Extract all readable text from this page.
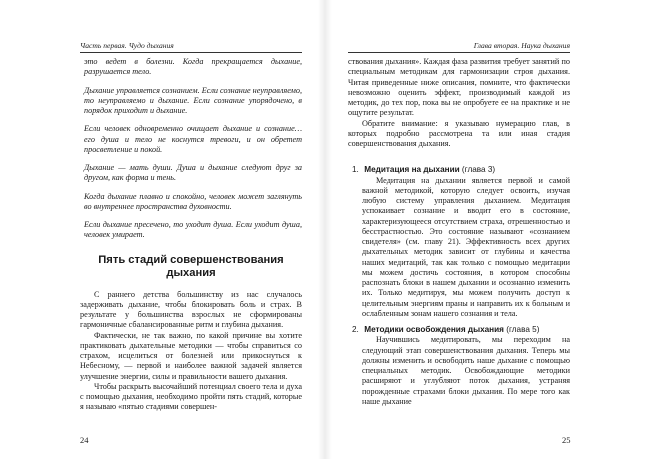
Часть первая. Чудо дыхания

это ведет в болезни. Когда прекращается дыхание, разрушается тело.

Дыхание управляется сознанием. Если сознание неуправляемо, то неуправляемо и дыхание. Если сознание упорядочено, в порядок приходит и дыхание.

Если человек одновременно очищает дыхание и сознание… его душа и тело не коснутся тревоги, и он обретет просветление и покой.

Дыхание — мать души. Душа и дыхание следуют друг за другом, как форма и тень.

Когда дыхание плавно и спокойно, человек может заглянуть во внутреннее пространства духовности.

Если дыхание пресечено, то уходит душа. Если уходит душа, человек умирает.

Пять стадий совершенствования дыхания

С раннего детства большинству из нас случалось задерживать дыхание, чтобы блокировать боль и страх. В результате у большинства взрослых не сформированы гармоничные сбалансированные ритм и глубина дыхания.

Фактически, не так важно, по какой причине вы хотите практиковать дыхательные методики — чтобы справиться со страхом, исцелиться от болезней или прикоснуться к Небесному, — первой и наиболее важной задачей является улучшение энергии, силы и правильности вашего дыхания.

Чтобы раскрыть высочайший потенциал своего тела и духа с помощью дыхания, необходимо пройти пять стадий, которые я называю «пятью стадиями совершен-

24
Глава вторая. Наука дыхания

ствования дыхания». Каждая фаза развития требует занятий по специальным методикам для гармонизации строя дыхания. Читая приведенные ниже описания, помните, что фактически невозможно оценить эффект, производимый каждой из методик, до тех пор, пока вы не опробуете ее на практике и не ощутите результат.

Обратите внимание: я указываю нумерацию глав, в которых подробно рассмотрена та или иная стадия совершенствования дыхания.

1. Медитация на дыхании (глава 3)

Медитация на дыхании является первой и самой важной методикой, которую следует освоить, изучая любую систему управления дыханием. Медитация успокаивает сознание и вводит его в состояние, характеризующееся отсутствием страха, отрешенностью и бесстрастностью. Это состояние называют «сознанием свидетеля» (см. главу 21). Эффективность всех других дыхательных методик зависит от глубины и качества наших медитаций, так как только с помощью медитации мы можем достичь состояния, в котором способны распознать блоки в нашем дыхании и осознанно изменить их. Только медитируя, мы можем получить доступ к целительным энергиям праны и направить их к больным и ослабленным зонам нашего сознания и тела.

2. Методики освобождения дыхания (глава 5)

Научившись медитировать, мы переходим на следующий этап совершенствования дыхания. Теперь мы должны изменить и освободить наше дыхание с помощью специальных методик. Освобождающие методики расширяют и углубляют поток дыхания, устраняя порожденные страхами блоки дыхания. По мере того как наше дыхание

25
